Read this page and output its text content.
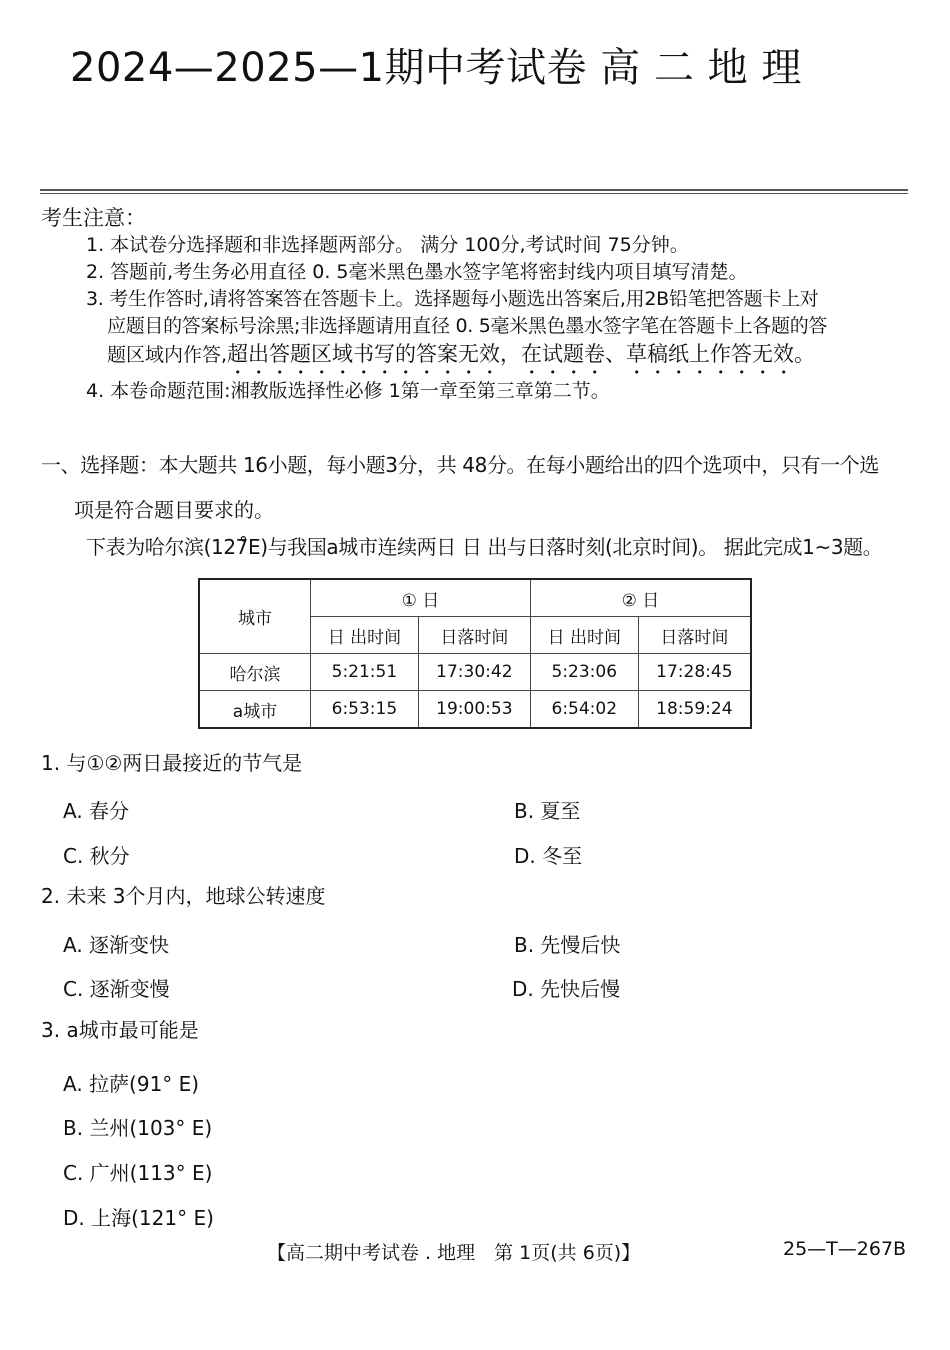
2024—2025—1期中考试卷 高 二 地 理
考生注意：
1. 本试卷分选择题和非选择题两部分。 满分 100分,考试时间 75分钟。
2. 答题前,考生务必用直径 0. 5毫米黑色墨水签字笔将密封线内项目填写清楚。
3. 考生作答时,请将答案答在答题卡上。选择题每小题选出答案后,用2B铅笔把答题卡上对
应题目的答案标号涂黑;非选择题请用直径 0. 5毫米黑色墨水签字笔在答题卡上各题的答
题区域内作答,超出答题区域书写的答案无效，在试题卷、草稿纸上作答无效。
4. 本卷命题范围:湘教版选择性必修 1第一章至第三章第二节。
一、选择题：本大题共 16小题，每小题3分，共 48分。在每小题给出的四个选项中，只有一个选
项是符合题目要求的。
下表为哈尔滨(127̊E)与我国a城市连续两日 日 出与日落时刻(北京时间)。 据此完成1~3题。
城市	① 日		② 日	
	日 出时间	日落时间	日 出时间	日落时间
哈尔滨	5:21:51	17:30:42	5:23:06	17:28:45
a城市	6:53:15	19:00:53	6:54:02	18:59:24
1. 与①②两日最接近的节气是
A. 春分	B. 夏至
C. 秋分	D. 冬至
2. 未来 3个月内，地球公转速度
A. 逐渐变快	B. 先慢后快
C. 逐渐变慢	D. 先快后慢
3. a城市最可能是
A. 拉萨(91° E)
B. 兰州(103° E)
C. 广州(113° E)
D. 上海(121° E)
【高二期中考试卷 . 地理　第 1页(共 6页)】	25—T—267B
